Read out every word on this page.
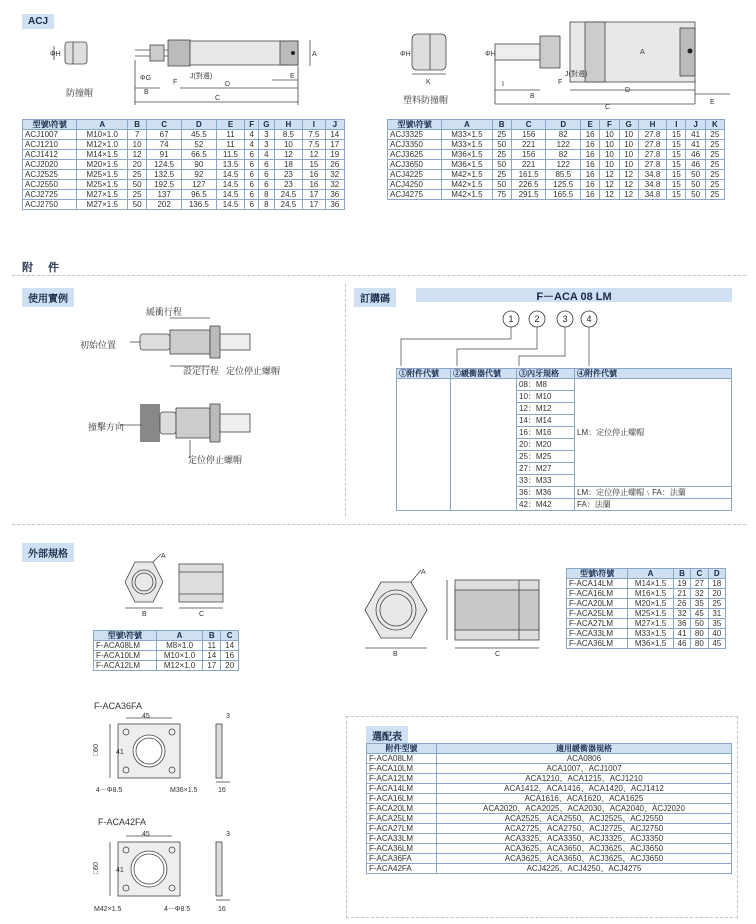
ACJ
ΦH
ΦG
F
J(對邊)
B
D
C
E
A
防撞帽
ΦH	ΦH
K	I
B
F
J(對邊)
D
C
E
A
塑料防撞帽
型號\符號	A	B	C	D	E	F	G	H	I	J
ACJ1007	M10×1.0	7	67	45.5	11	4	3	8.5	7.5	14
ACJ1210	M12×1.0	10	74	52	11	4	3	10	7.5	17
ACJ1412	M14×1.5	12	91	66.5	11.5	6	4	12	12	19
ACJ2020	M20×1.5	20	124.5	90	13.5	6	6	18	15	26
ACJ2525	M25×1.5	25	132.5	92	14.5	6	6	23	16	32
ACJ2550	M25×1.5	50	192.5	127	14.5	6	6	23	16	32
ACJ2725	M27×1.5	25	137	96.5	14.5	6	8	24.5	17	36
ACJ2750	M27×1.5	50	202	136.5	14.5	6	8	24.5	17	36
型號\符號	A	B	C	D	E	F	G	H	I	J	K
ACJ3325	M33×1.5	25	156	82	16	10	10	27.8	15	41	25
ACJ3350	M33×1.5	50	221	122	16	10	10	27.8	15	41	25
ACJ3625	M36×1.5	25	156	82	16	10	10	27.8	15	46	25
ACJ3650	M36×1.5	50	221	122	16	10	10	27.8	15	46	25
ACJ4225	M42×1.5	25	161.5	85.5	16	12	12	34.8	15	50	25
ACJ4250	M42×1.5	50	226.5	125.5	16	12	12	34.8	15	50	25
ACJ4275	M42×1.5	75	291.5	165.5	16	12	12	34.8	15	50	25
附 件
使用實例
緩衝行程
初始位置
設定行程 定位停止螺帽
撞擊方向
定位停止螺帽
訂購碼	F－ACA 08 LM
1 2	3 4
①附件代號	②緩衝器代號	③內牙規格	④附件代號
		08：M8	LM：定位停止螺帽
		10：M10	
		12：M12	
		14：M14	
		16：M16	
		20：M20	
		25：M25	
		27：M27	
		33：M33	
		36：M36	LM：定位停止螺帽﹨FA：法蘭
		42：M42	FA：法蘭
外部規格	A
B	C
型號\符號	A	B	C
F-ACA08LM	M8×1.0	11	14
F-ACA10LM	M10×1.0	14	16
F-ACA12LM	M12×1.0	17	20
A
B	C
型號\符號	A	B	C	D
F-ACA14LM	M14×1.5	19	27	18
F-ACA16LM	M16×1.5	21	32	20
F-ACA20LM	M20×1.5	26	35	25
F-ACA25LM	M25×1.5	32	45	31
F-ACA27LM	M27×1.5	36	50	35
F-ACA33LM	M33×1.5	41	80	40
F-ACA36LM	M36×1.5	46	80	45
F-ACA36FA
45
□60 41
3
4－Φ8.5	M36×1.5	16
F-ACA42FA
45
□60 41
3
M42×1.5	4－Φ8.5	16
選配表
附件型號	適用緩衝器規格
F-ACA08LM	ACA0806
F-ACA10LM	ACA1007、ACJ1007
F-ACA12LM	ACA1210、ACA1215、ACJ1210
F-ACA14LM	ACA1412、ACA1416、ACA1420、ACJ1412
F-ACA16LM	ACA1616、ACA1620、ACA1625
F-ACA20LM	ACA2020、ACA2025、ACA2030、ACA2040、ACJ2020
F-ACA25LM	ACA2525、ACA2550、ACJ2525、ACJ2550
F-ACA27LM	ACA2725、ACA2750、ACJ2725、ACJ2750
F-ACA33LM	ACA3325、ACA3350、ACJ3325、ACJ3350
F-ACA36LM	ACA3625、ACA3650、ACJ3625、ACJ3650
F-ACA36FA	ACA3625、ACA3650、ACJ3625、ACJ3650
F-ACA42FA	ACJ4225、ACJ4250、ACJ4275
